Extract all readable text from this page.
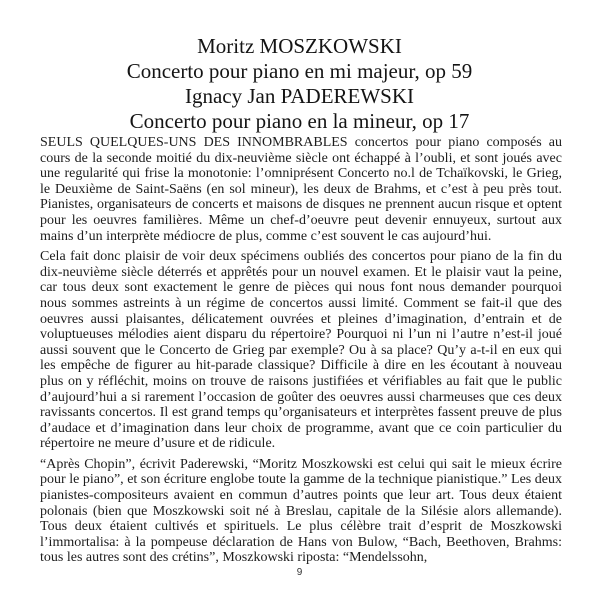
Moritz MOSZKOWSKI
Concerto pour piano en mi majeur, op 59
Ignacy Jan PADEREWSKI
Concerto pour piano en la mineur, op 17

SEULS QUELQUES-UNS DES INNOMBRABLES concertos pour piano composés au cours de la seconde moitié du dix-neuvième siècle ont échappé à l’oubli, et sont joués avec une regularité qui frise la monotonie: l’omniprésent Concerto no.l de Tchaïkovski, le Grieg, le Deuxième de Saint-Saëns (en sol mineur), les deux de Brahms, et c’est à peu près tout. Pianistes, organisateurs de concerts et maisons de disques ne prennent aucun risque et optent pour les oeuvres familières. Même un chef-d’oeuvre peut devenir ennuyeux, surtout aux mains d’un interprète médiocre de plus, comme c’est souvent le cas aujourd’hui.

Cela fait donc plaisir de voir deux spécimens oubliés des concertos pour piano de la fin du dix-neuvième siècle déterrés et apprêtés pour un nouvel examen. Et le plaisir vaut la peine, car tous deux sont exactement le genre de pièces qui nous font nous demander pourquoi nous sommes astreints à un régime de concertos aussi limité. Comment se fait-il que des oeuvres aussi plaisantes, délicatement ouvrées et pleines d’imagination, d’entrain et de voluptueuses mélodies aient disparu du répertoire? Pourquoi ni l’un ni l’autre n’est-il joué aussi souvent que le Concerto de Grieg par exemple? Ou à sa place? Qu’y a-t-il en eux qui les empêche de figurer au hit-parade classique? Difficile à dire en les écoutant à nouveau plus on y réfléchit, moins on trouve de raisons justifiées et vérifiables au fait que le public d’aujourd’hui a si rarement l’occasion de goûter des oeuvres aussi charmeuses que ces deux ravissants concertos. Il est grand temps qu’organisateurs et interprètes fassent preuve de plus d’audace et d’imagination dans leur choix de programme, avant que ce coin particulier du répertoire ne meure d’usure et de ridicule.

“Après Chopin”, écrivit Paderewski, “Moritz Moszkowski est celui qui sait le mieux écrire pour le piano”, et son écriture englobe toute la gamme de la technique pianistique.” Les deux pianistes-compositeurs avaient en commun d’autres points que leur art. Tous deux étaient polonais (bien que Moszkowski soit né à Breslau, capitale de la Silésie alors allemande). Tous deux étaient cultivés et spirituels. Le plus célèbre trait d’esprit de Moszkowski l’immortalisa: à la pompeuse déclaration de Hans von Bulow, “Bach, Beethoven, Brahms: tous les autres sont des crétins”, Moszkowski riposta: “Mendelssohn,

9
